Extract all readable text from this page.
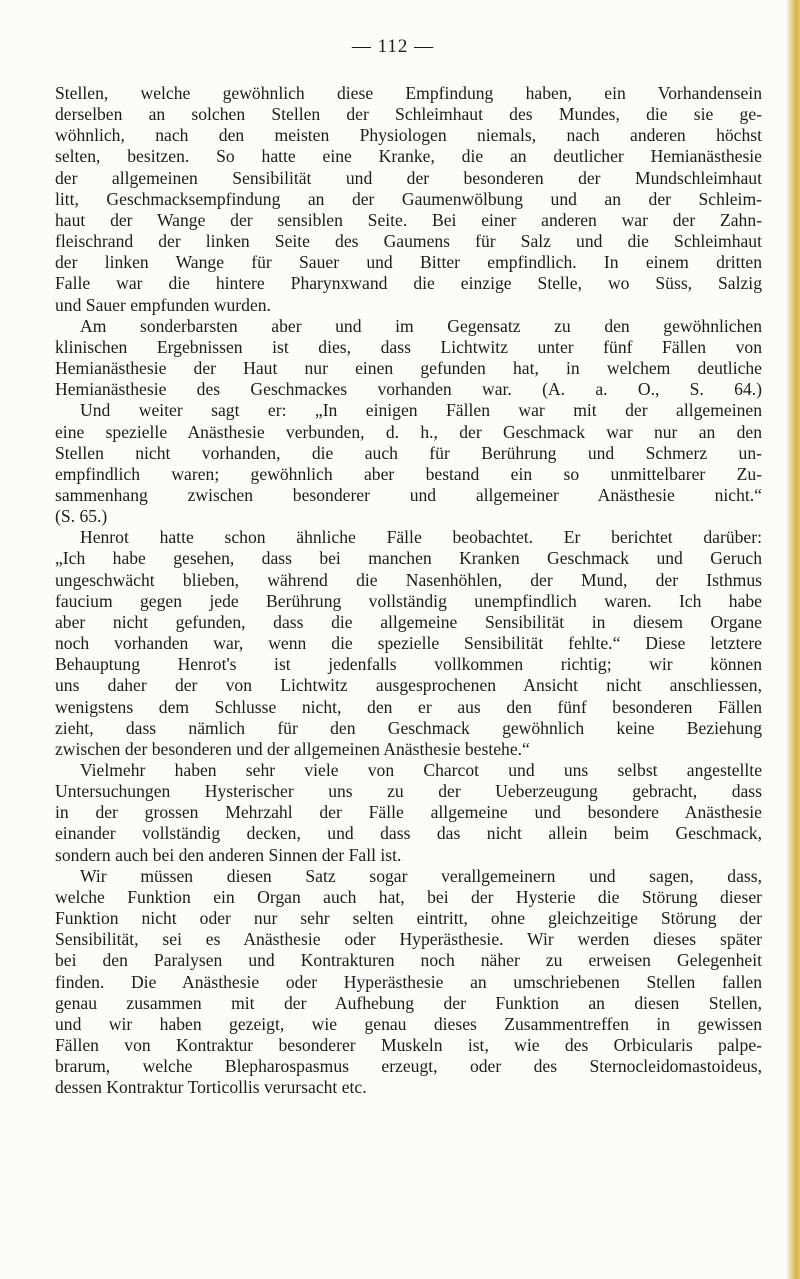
— 112 —
Stellen, welche gewöhnlich diese Empfindung haben, ein Vorhandensein
derselben an solchen Stellen der Schleimhaut des Mundes, die sie ge-
wöhnlich, nach den meisten Physiologen niemals, nach anderen höchst
selten, besitzen. So hatte eine Kranke, die an deutlicher Hemianästhesie
der allgemeinen Sensibilität und der besonderen der Mundschleimhaut
litt, Geschmacksempfindung an der Gaumenwölbung und an der Schleim-
haut der Wange der sensiblen Seite. Bei einer anderen war der Zahn-
fleischrand der linken Seite des Gaumens für Salz und die Schleimhaut
der linken Wange für Sauer und Bitter empfindlich. In einem dritten
Falle war die hintere Pharynxwand die einzige Stelle, wo Süss, Salzig
und Sauer empfunden wurden.
Am sonderbarsten aber und im Gegensatz zu den gewöhnlichen
klinischen Ergebnissen ist dies, dass Lichtwitz unter fünf Fällen von
Hemianästhesie der Haut nur einen gefunden hat, in welchem deutliche
Hemianästhesie des Geschmackes vorhanden war. (A. a. O., S. 64.)
Und weiter sagt er: „In einigen Fällen war mit der allgemeinen
eine spezielle Anästhesie verbunden, d. h., der Geschmack war nur an den
Stellen nicht vorhanden, die auch für Berührung und Schmerz un-
empfindlich waren; gewöhnlich aber bestand ein so unmittelbarer Zu-
sammenhang zwischen besonderer und allgemeiner Anästhesie nicht.“
(S. 65.)
Henrot hatte schon ähnliche Fälle beobachtet. Er berichtet darüber:
„Ich habe gesehen, dass bei manchen Kranken Geschmack und Geruch
ungeschwächt blieben, während die Nasenhöhlen, der Mund, der Isthmus
faucium gegen jede Berührung vollständig unempfindlich waren. Ich habe
aber nicht gefunden, dass die allgemeine Sensibilität in diesem Organe
noch vorhanden war, wenn die spezielle Sensibilität fehlte.“ Diese letztere
Behauptung Henrot's ist jedenfalls vollkommen richtig; wir können
uns daher der von Lichtwitz ausgesprochenen Ansicht nicht anschliessen,
wenigstens dem Schlusse nicht, den er aus den fünf besonderen Fällen
zieht, dass nämlich für den Geschmack gewöhnlich keine Beziehung
zwischen der besonderen und der allgemeinen Anästhesie bestehe.“
Vielmehr haben sehr viele von Charcot und uns selbst angestellte
Untersuchungen Hysterischer uns zu der Ueberzeugung gebracht, dass
in der grossen Mehrzahl der Fälle allgemeine und besondere Anästhesie
einander vollständig decken, und dass das nicht allein beim Geschmack,
sondern auch bei den anderen Sinnen der Fall ist.
Wir müssen diesen Satz sogar verallgemeinern und sagen, dass,
welche Funktion ein Organ auch hat, bei der Hysterie die Störung dieser
Funktion nicht oder nur sehr selten eintritt, ohne gleichzeitige Störung der
Sensibilität, sei es Anästhesie oder Hyperästhesie. Wir werden dieses später
bei den Paralysen und Kontrakturen noch näher zu erweisen Gelegenheit
finden. Die Anästhesie oder Hyperästhesie an umschriebenen Stellen fallen
genau zusammen mit der Aufhebung der Funktion an diesen Stellen,
und wir haben gezeigt, wie genau dieses Zusammentreffen in gewissen
Fällen von Kontraktur besonderer Muskeln ist, wie des Orbicularis palpe-
brarum, welche Blepharospasmus erzeugt, oder des Sternocleidomastoideus,
dessen Kontraktur Torticollis verursacht etc.
